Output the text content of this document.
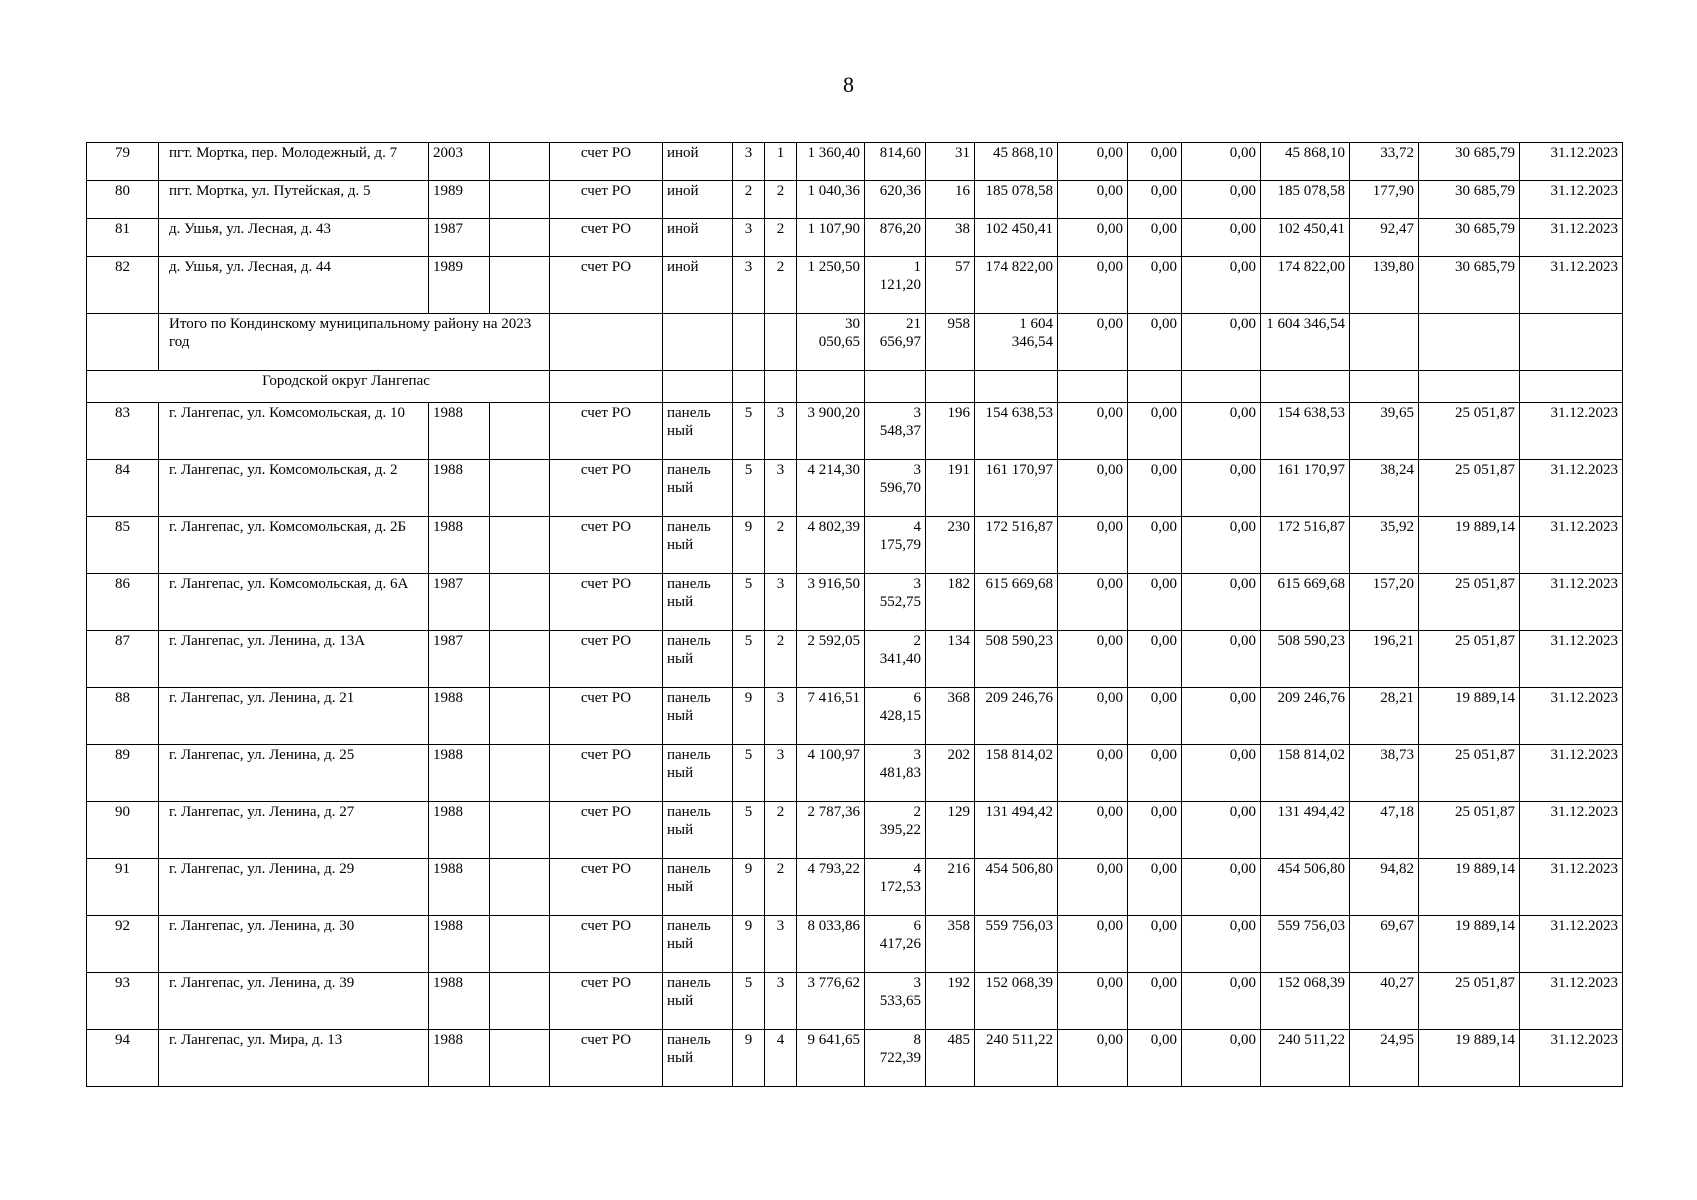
8
79	пгт. Мортка, пер. Молодежный, д. 7	2003		счет РО	иной	3	1	1 360,40	814,60	31	45 868,10	0,00	0,00	0,00	45 868,10	33,72	30 685,79	31.12.2023
80	пгт. Мортка, ул. Путейская, д. 5	1989		счет РО	иной	2	2	1 040,36	620,36	16	185 078,58	0,00	0,00	0,00	185 078,58	177,90	30 685,79	31.12.2023
81	д. Ушья, ул. Лесная, д. 43	1987		счет РО	иной	3	2	1 107,90	876,20	38	102 450,41	0,00	0,00	0,00	102 450,41	92,47	30 685,79	31.12.2023
82	д. Ушья, ул. Лесная, д. 44	1989		счет РО	иной	3	2	1 250,50	1 121,20	57	174 822,00	0,00	0,00	0,00	174 822,00	139,80	30 685,79	31.12.2023
	Итого по Кондинскому муниципальному району на 2023 год							30 050,65	21 656,97	958	1 604 346,54	0,00	0,00	0,00	1 604 346,54			
Городской округ Лангепас																		
83	г. Лангепас, ул. Комсомольская, д. 10	1988		счет РО	панель ный	5	3	3 900,20	3 548,37	196	154 638,53	0,00	0,00	0,00	154 638,53	39,65	25 051,87	31.12.2023
84	г. Лангепас, ул. Комсомольская, д. 2	1988		счет РО	панель ный	5	3	4 214,30	3 596,70	191	161 170,97	0,00	0,00	0,00	161 170,97	38,24	25 051,87	31.12.2023
85	г. Лангепас, ул. Комсомольская, д. 2Б	1988		счет РО	панель ный	9	2	4 802,39	4 175,79	230	172 516,87	0,00	0,00	0,00	172 516,87	35,92	19 889,14	31.12.2023
86	г. Лангепас, ул. Комсомольская, д. 6А	1987		счет РО	панель ный	5	3	3 916,50	3 552,75	182	615 669,68	0,00	0,00	0,00	615 669,68	157,20	25 051,87	31.12.2023
87	г. Лангепас, ул. Ленина, д. 13А	1987		счет РО	панель ный	5	2	2 592,05	2 341,40	134	508 590,23	0,00	0,00	0,00	508 590,23	196,21	25 051,87	31.12.2023
88	г. Лангепас, ул. Ленина, д. 21	1988		счет РО	панель ный	9	3	7 416,51	6 428,15	368	209 246,76	0,00	0,00	0,00	209 246,76	28,21	19 889,14	31.12.2023
89	г. Лангепас, ул. Ленина, д. 25	1988		счет РО	панель ный	5	3	4 100,97	3 481,83	202	158 814,02	0,00	0,00	0,00	158 814,02	38,73	25 051,87	31.12.2023
90	г. Лангепас, ул. Ленина, д. 27	1988		счет РО	панель ный	5	2	2 787,36	2 395,22	129	131 494,42	0,00	0,00	0,00	131 494,42	47,18	25 051,87	31.12.2023
91	г. Лангепас, ул. Ленина, д. 29	1988		счет РО	панель ный	9	2	4 793,22	4 172,53	216	454 506,80	0,00	0,00	0,00	454 506,80	94,82	19 889,14	31.12.2023
92	г. Лангепас, ул. Ленина, д. 30	1988		счет РО	панель ный	9	3	8 033,86	6 417,26	358	559 756,03	0,00	0,00	0,00	559 756,03	69,67	19 889,14	31.12.2023
93	г. Лангепас, ул. Ленина, д. 39	1988		счет РО	панель ный	5	3	3 776,62	3 533,65	192	152 068,39	0,00	0,00	0,00	152 068,39	40,27	25 051,87	31.12.2023
94	г. Лангепас, ул. Мира, д. 13	1988		счет РО	панель ный	9	4	9 641,65	8 722,39	485	240 511,22	0,00	0,00	0,00	240 511,22	24,95	19 889,14	31.12.2023
